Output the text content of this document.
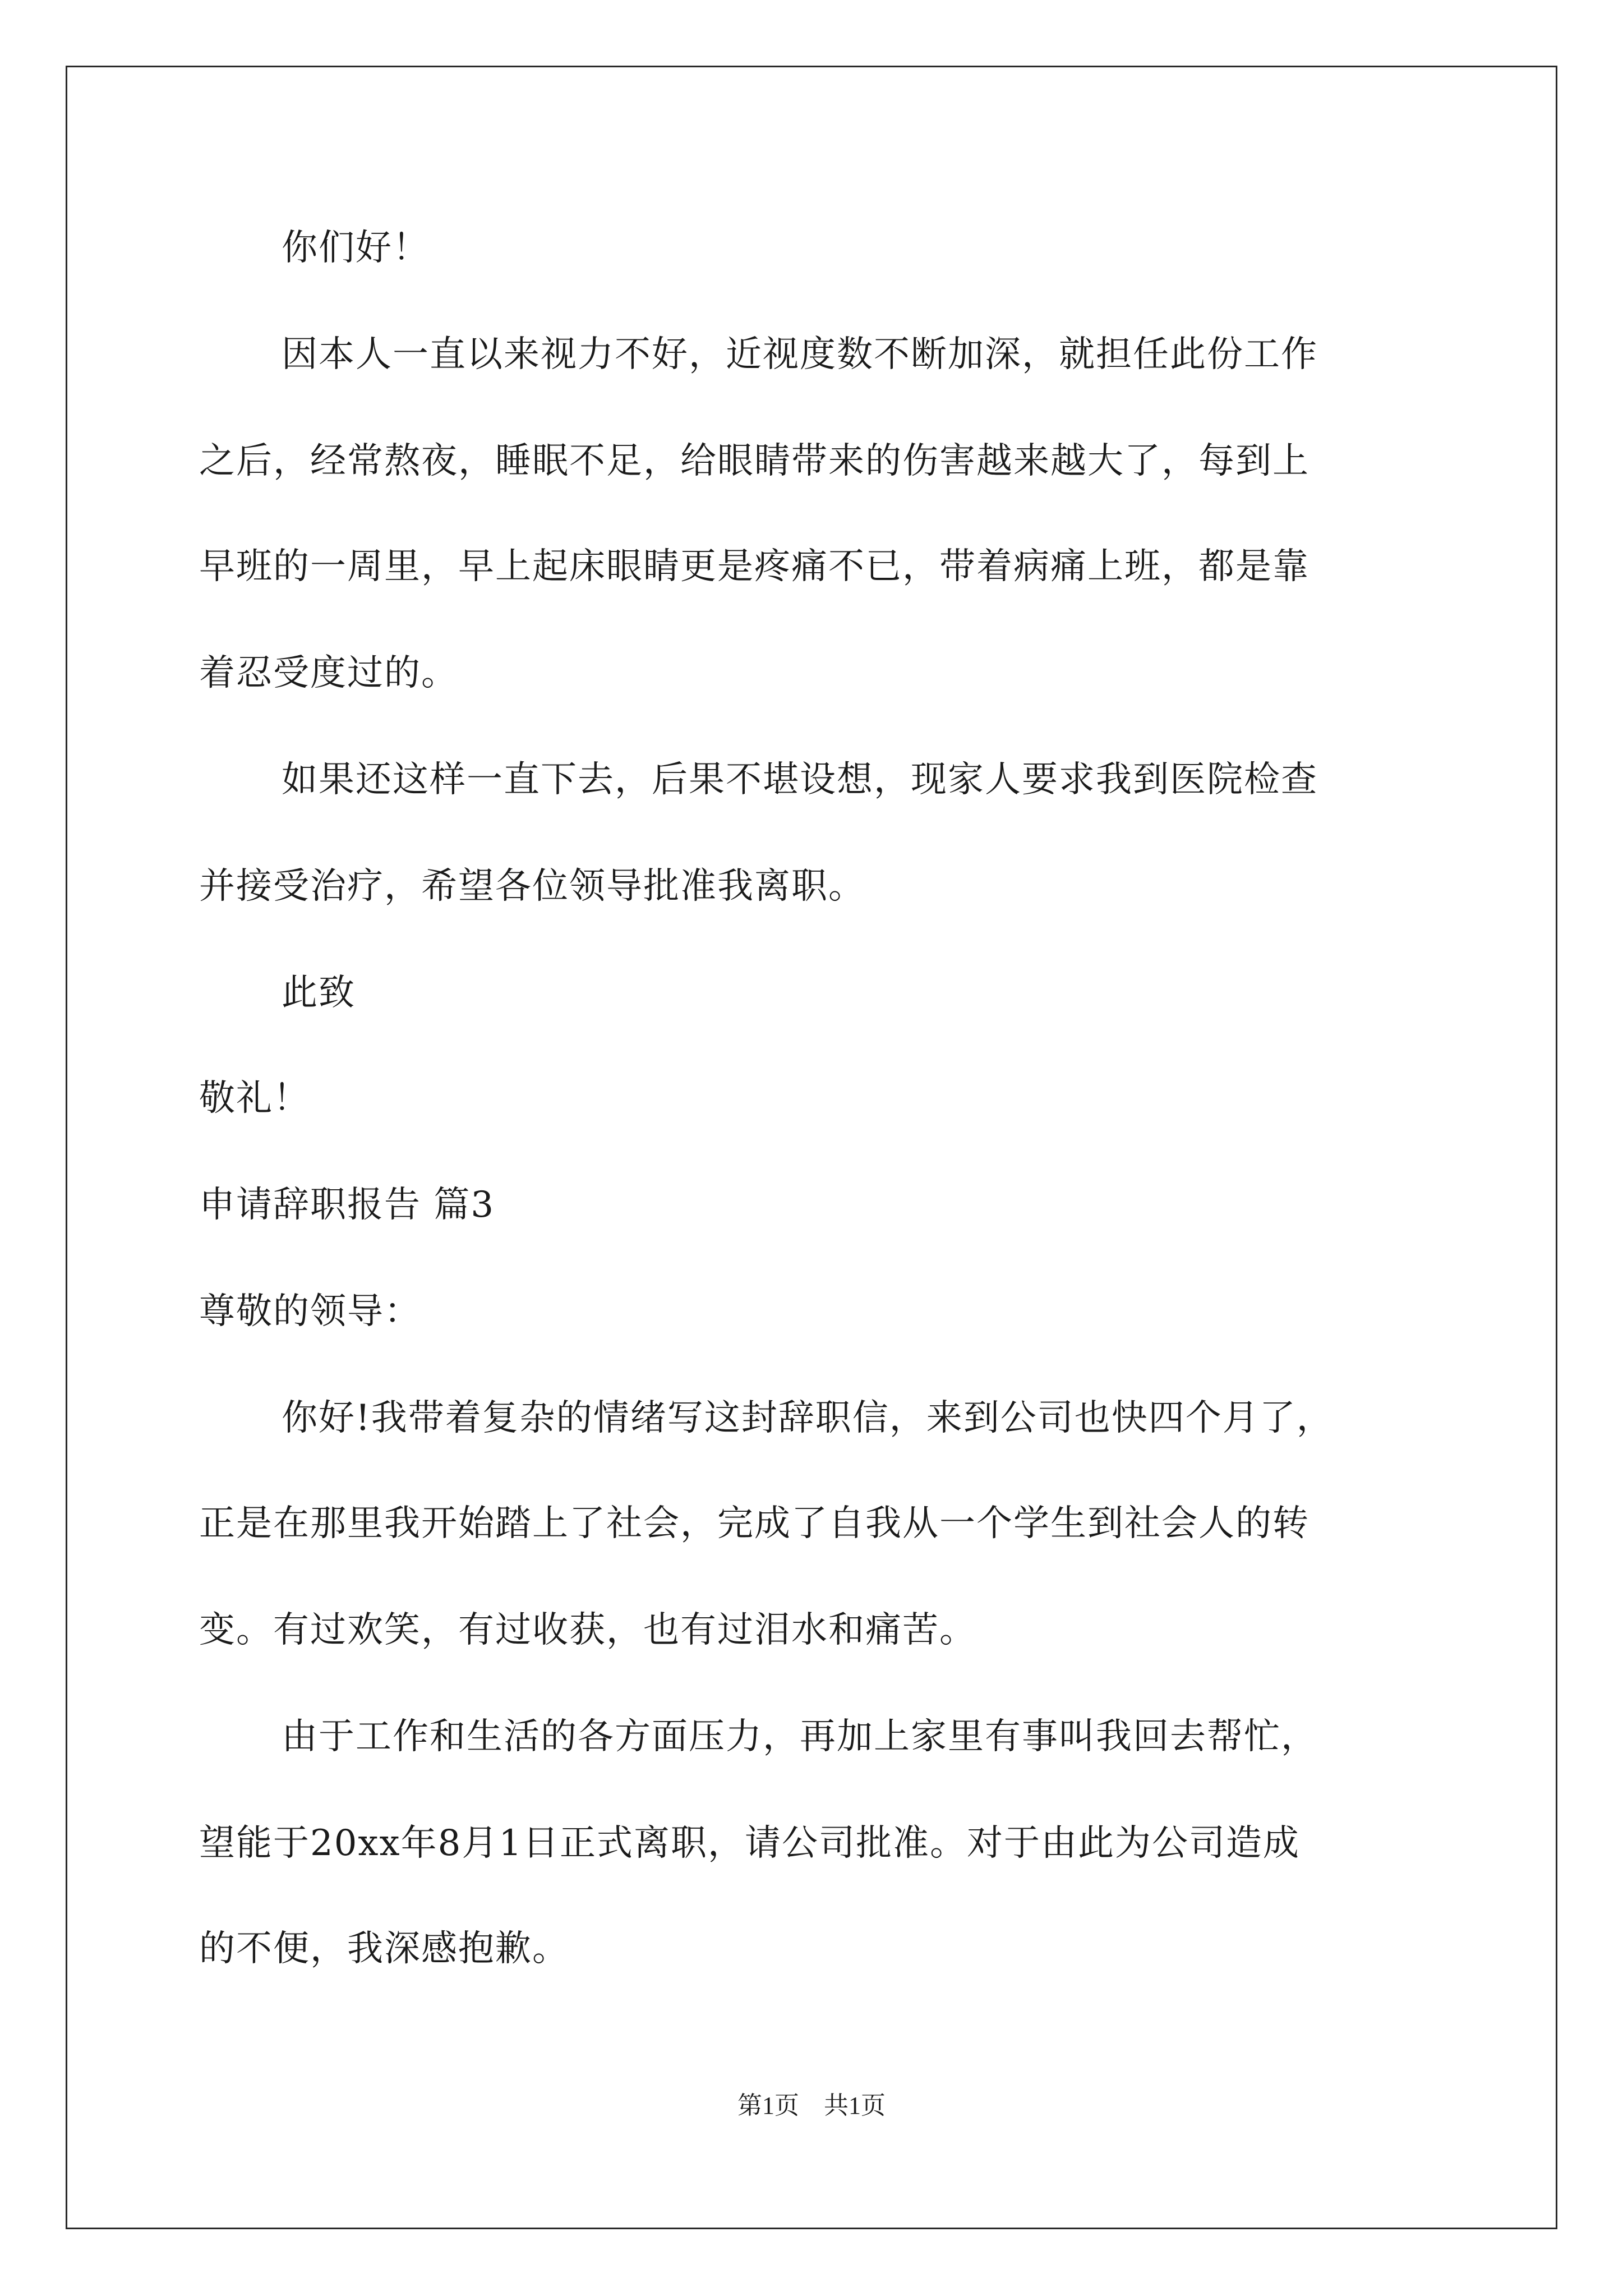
你们好！
因本人一直以来视力不好，近视度数不断加深，就担任此份工作
之后，经常熬夜，睡眠不足，给眼睛带来的伤害越来越大了，每到上
早班的一周里，早上起床眼睛更是疼痛不已，带着病痛上班，都是靠
着忍受度过的。
如果还这样一直下去，后果不堪设想，现家人要求我到医院检查
并接受治疗，希望各位领导批准我离职。
此致
敬礼！
申请辞职报告 篇3
尊敬的领导：
你好!我带着复杂的情绪写这封辞职信，来到公司也快四个月了，
正是在那里我开始踏上了社会，完成了自我从一个学生到社会人的转
变。有过欢笑，有过收获，也有过泪水和痛苦。
由于工作和生活的各方面压力，再加上家里有事叫我回去帮忙，
望能于20xx年8月1日正式离职，请公司批准。对于由此为公司造成
的不便，我深感抱歉。
第1页　共1页
